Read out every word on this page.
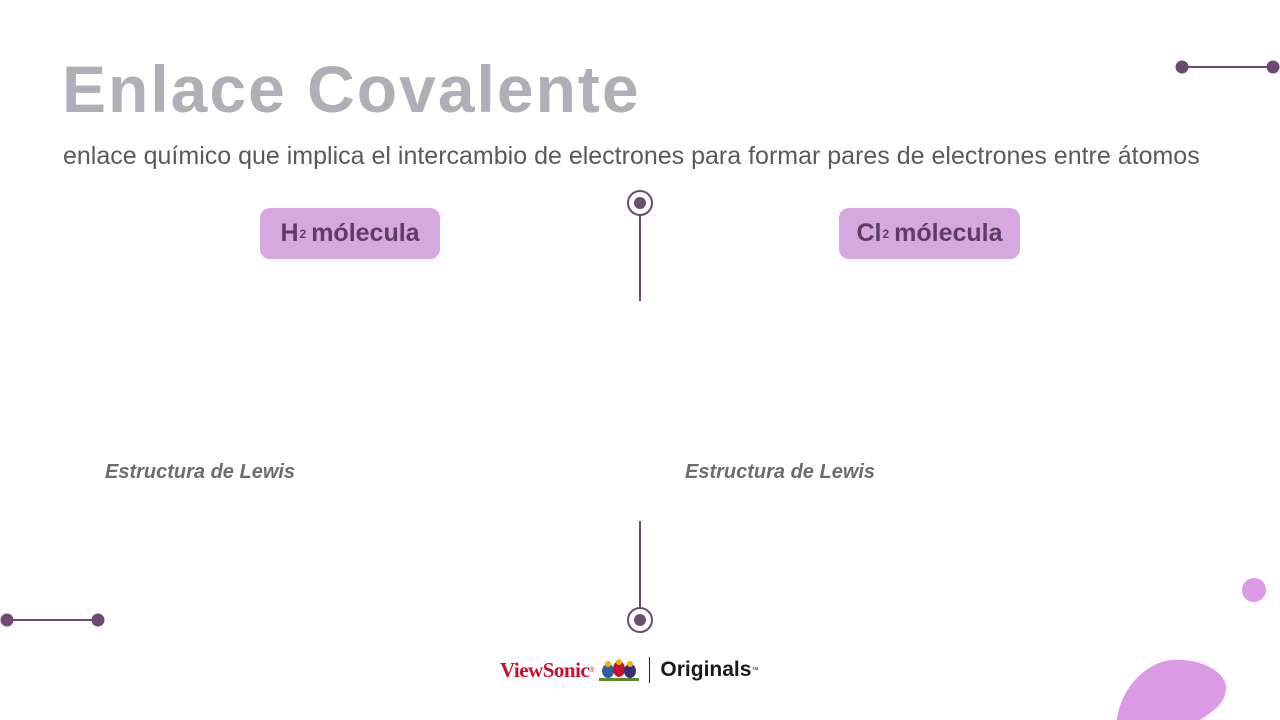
Enlace Covalente

enlace químico que implica el intercambio de electrones para formar pares de electrones entre átomos

H 2 mólecula	Cl 2 mólecula
Estructura de Lewis	Estructura de Lewis
ViewSonic ®	Originals ™
